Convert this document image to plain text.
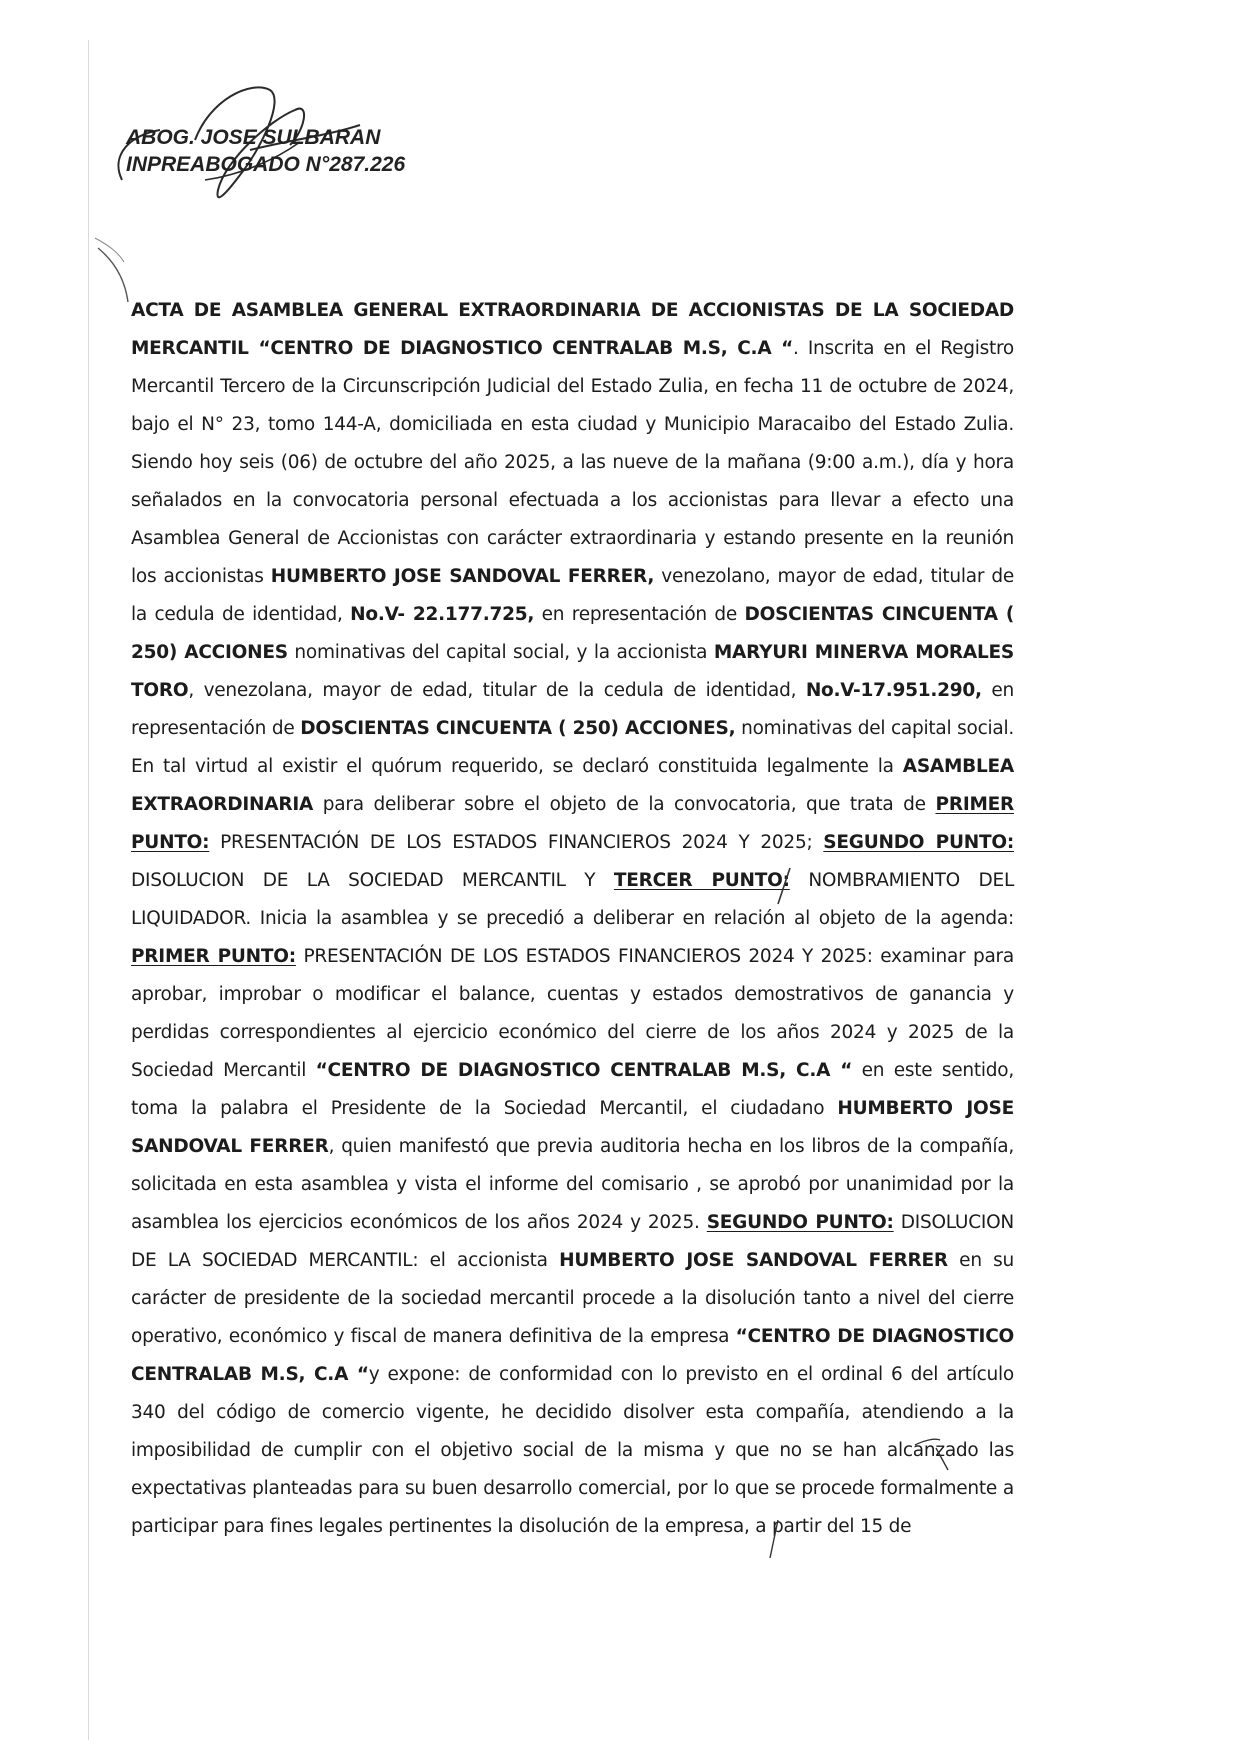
ABOG. JOSE SULBARAN
INPREABOGADO N°287.226
ACTA DE ASAMBLEA GENERAL EXTRAORDINARIA DE ACCIONISTAS DE LA SOCIEDAD MERCANTIL “CENTRO DE DIAGNOSTICO CENTRALAB M.S, C.A “. Inscrita en el Registro Mercantil Tercero de la Circunscripción Judicial del Estado Zulia, en fecha 11 de octubre de 2024, bajo el N° 23, tomo 144-A, domiciliada en esta ciudad y Municipio Maracaibo del Estado Zulia. Siendo hoy seis (06) de octubre del año 2025, a las nueve de la mañana (9:00 a.m.), día y hora señalados en la convocatoria personal efectuada a los accionistas para llevar a efecto una Asamblea General de Accionistas con carácter extraordinaria y estando presente en la reunión los accionistas HUMBERTO JOSE SANDOVAL FERRER, venezolano, mayor de edad, titular de la cedula de identidad, No.V- 22.177.725, en representación de DOSCIENTAS CINCUENTA ( 250) ACCIONES nominativas del capital social, y la accionista MARYURI MINERVA MORALES TORO, venezolana, mayor de edad, titular de la cedula de identidad, No.V-17.951.290, en representación de DOSCIENTAS CINCUENTA ( 250) ACCIONES, nominativas del capital social. En tal virtud al existir el quórum requerido, se declaró constituida legalmente la ASAMBLEA EXTRAORDINARIA para deliberar sobre el objeto de la convocatoria, que trata de PRIMER PUNTO: PRESENTACIÓN DE LOS ESTADOS FINANCIEROS 2024 Y 2025; SEGUNDO PUNTO: DISOLUCION DE LA SOCIEDAD MERCANTIL Y TERCER PUNTO: NOMBRAMIENTO DEL LIQUIDADOR. Inicia la asamblea y se precedió a deliberar en relación al objeto de la agenda: PRIMER PUNTO: PRESENTACIÓN DE LOS ESTADOS FINANCIEROS 2024 Y 2025: examinar para aprobar, improbar o modificar el balance, cuentas y estados demostrativos de ganancia y perdidas correspondientes al ejercicio económico del cierre de los años 2024 y 2025 de la Sociedad Mercantil “CENTRO DE DIAGNOSTICO CENTRALAB M.S, C.A “ en este sentido, toma la palabra el Presidente de la Sociedad Mercantil, el ciudadano HUMBERTO JOSE SANDOVAL FERRER, quien manifestó que previa auditoria hecha en los libros de la compañía, solicitada en esta asamblea y vista el informe del comisario , se aprobó por unanimidad por la asamblea los ejercicios económicos de los años 2024 y 2025. SEGUNDO PUNTO: DISOLUCION DE LA SOCIEDAD MERCANTIL: el accionista HUMBERTO JOSE SANDOVAL FERRER en su carácter de presidente de la sociedad mercantil procede a la disolución tanto a nivel del cierre operativo, económico y fiscal de manera definitiva de la empresa “CENTRO DE DIAGNOSTICO CENTRALAB M.S, C.A “y expone: de conformidad con lo previsto en el ordinal 6 del artículo 340 del código de comercio vigente, he decidido disolver esta compañía, atendiendo a la imposibilidad de cumplir con el objetivo social de la misma y que no se han alcanzado las expectativas planteadas para su buen desarrollo comercial, por lo que se procede formalmente a participar para fines legales pertinentes la disolución de la empresa, a partir del 15 de
